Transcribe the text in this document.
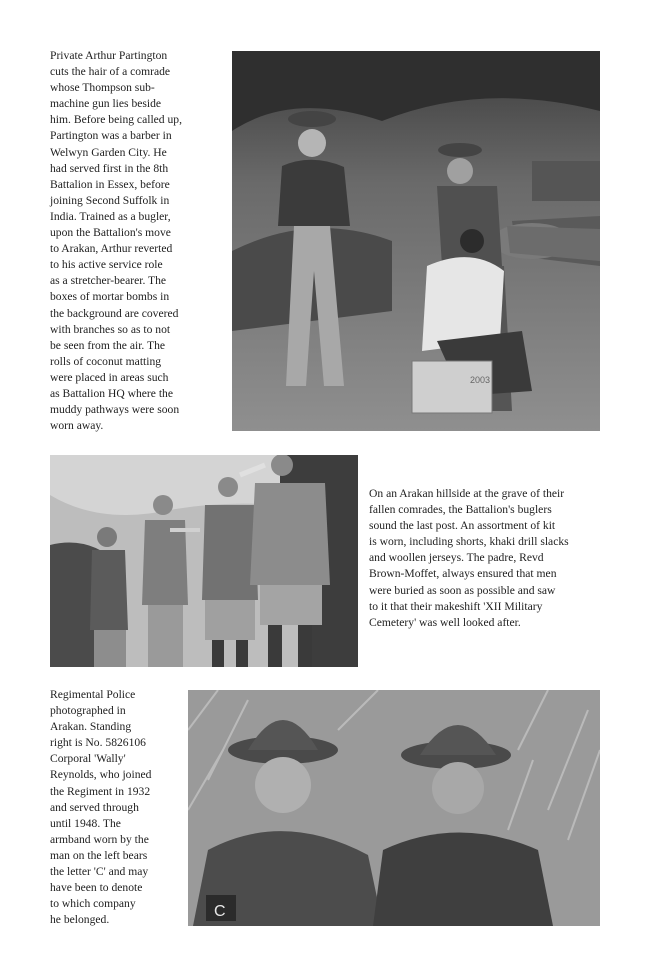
Private Arthur Partington
cuts the hair of a comrade
whose Thompson sub-
machine gun lies beside
him. Before being called up,
Partington was a barber in
Welwyn Garden City. He
had served first in the 8th
Battalion in Essex, before
joining Second Suffolk in
India. Trained as a bugler,
upon the Battalion's move
to Arakan, Arthur reverted
to his active service role
as a stretcher-bearer. The
boxes of mortar bombs in
the background are covered
with branches so as to not
be seen from the air. The
rolls of coconut matting
were placed in areas such
as Battalion HQ where the
muddy pathways were soon
worn away.

2003

On an Arakan hillside at the grave of their
fallen comrades, the Battalion's buglers
sound the last post. An assortment of kit
is worn, including shorts, khaki drill slacks
and woollen jerseys. The padre, Revd
Brown-Moffet, always ensured that men
were buried as soon as possible and saw
to it that their makeshift 'XII Military
Cemetery' was well looked after.

Regimental Police
photographed in
Arakan. Standing
right is No. 5826106
Corporal 'Wally'
Reynolds, who joined
the Regiment in 1932
and served through
until 1948. The
armband worn by the
man on the left bears
the letter 'C' and may
have been to denote
to which company
he belonged.	C
